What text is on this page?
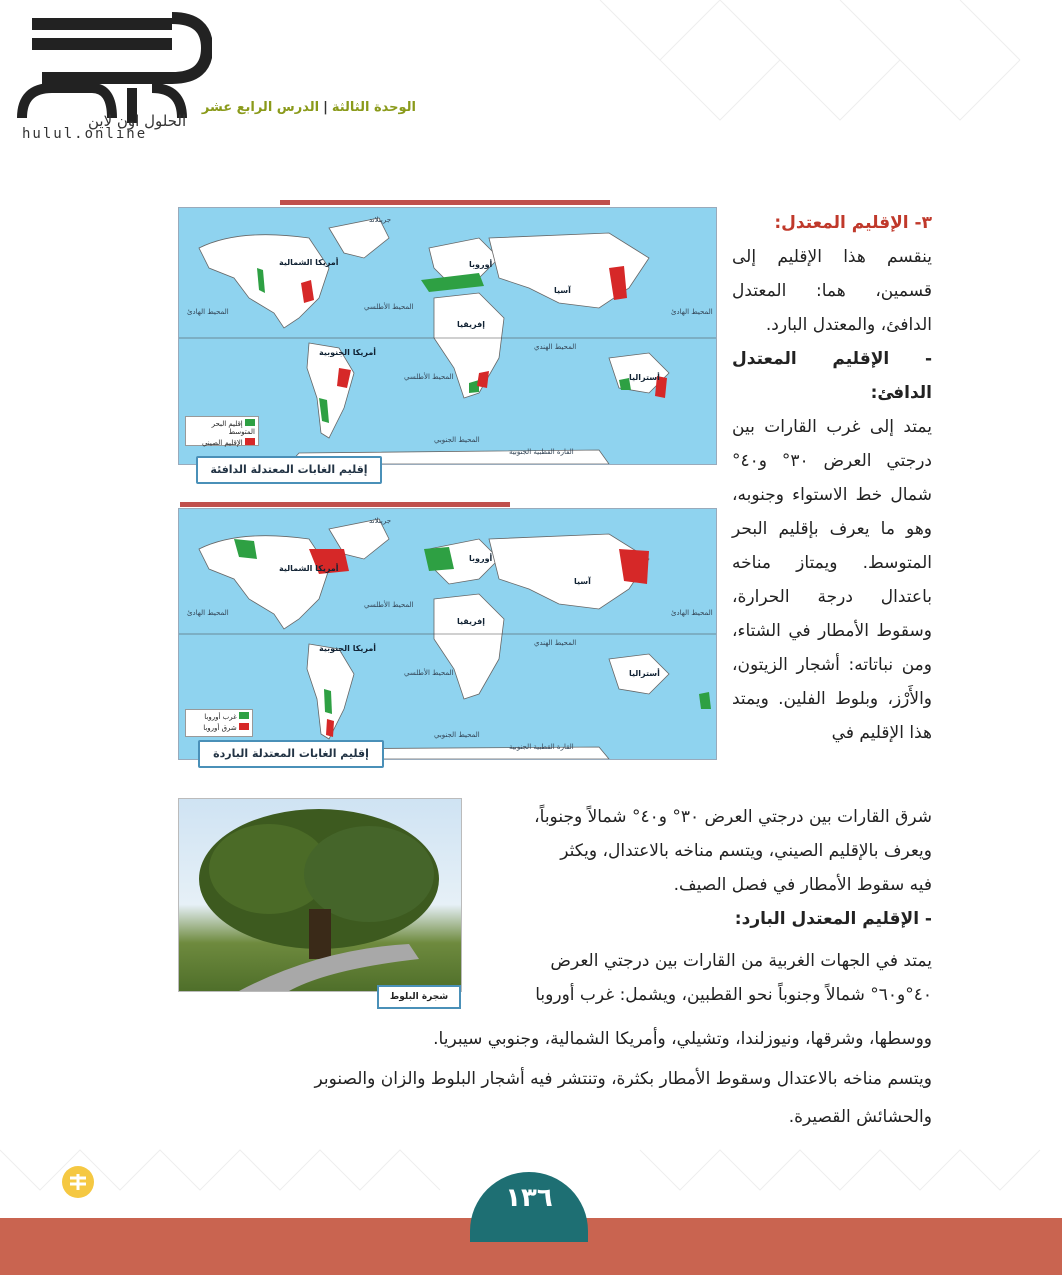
الحلول اون لاين
hulul.online
الوحدة الثالثة|الدرس الرابع عشر
أمريكا الشمالية
أمريكا الجنوبية
أوروبا
آسيا
إفريقيا
أستراليا
المحيط الهادئ	المحيط الهادئ
المحيط الأطلسي
المحيط الأطلسي
المحيط الهندي
المحيط الجنوبي
القارة القطبية الجنوبية
جرينلاند
إقليم البحر المتوسط
الإقليم الصيني
إقليم الغابات المعتدلة الدافئة
أمريكا الشمالية
أمريكا الجنوبية
أوروبا
آسيا
إفريقيا
أستراليا
المحيط الهادئ	المحيط الهادئ
المحيط الأطلسي
المحيط الأطلسي
المحيط الهندي
المحيط الجنوبي
القارة القطبية الجنوبية
جرينلاند
غرب أوروبا
شرق أوروبا
إقليم الغابات المعتدلة الباردة
شجرة البلوط
٣- الإقليم المعتدل:
ينقسم هذا الإقليم إلى قسمين، هما: المعتدل الدافئ، والمعتدل البارد.
- الإقليم المعتدل الدافئ:
يمتد إلى غرب القارات بين درجتي العرض ٣٠° و٤٠° شمال خط الاستواء وجنوبه، وهو ما يعرف بإقليم البحر المتوسط. ويمتاز مناخه باعتدال درجة الحرارة، وسقوط الأمطار في الشتاء، ومن نباتاته: أشجار الزيتون، والأَرْز، وبلوط الفلين. ويمتد هذا الإقليم في
شرق القارات بين درجتي العرض ٣٠° و٤٠° شمالاً وجنوباً،
ويعرف بالإقليم الصيني، ويتسم مناخه بالاعتدال، ويكثر
فيه سقوط الأمطار في فصل الصيف.
- الإقليم المعتدل البارد:
يمتد في الجهات الغربية من القارات بين درجتي العرض
٤٠°و٦٠° شمالاً وجنوباً نحو القطبين، ويشمل: غرب أوروبا
ووسطها، وشرقها، ونيوزلندا، وتشيلي، وأمريكا الشمالية، وجنوبي سيبريا.
ويتسم مناخه بالاعتدال وسقوط الأمطار بكثرة، وتنتشر فيه أشجار البلوط والزان والصنوبر
والحشائش القصيرة.
١٣٦
